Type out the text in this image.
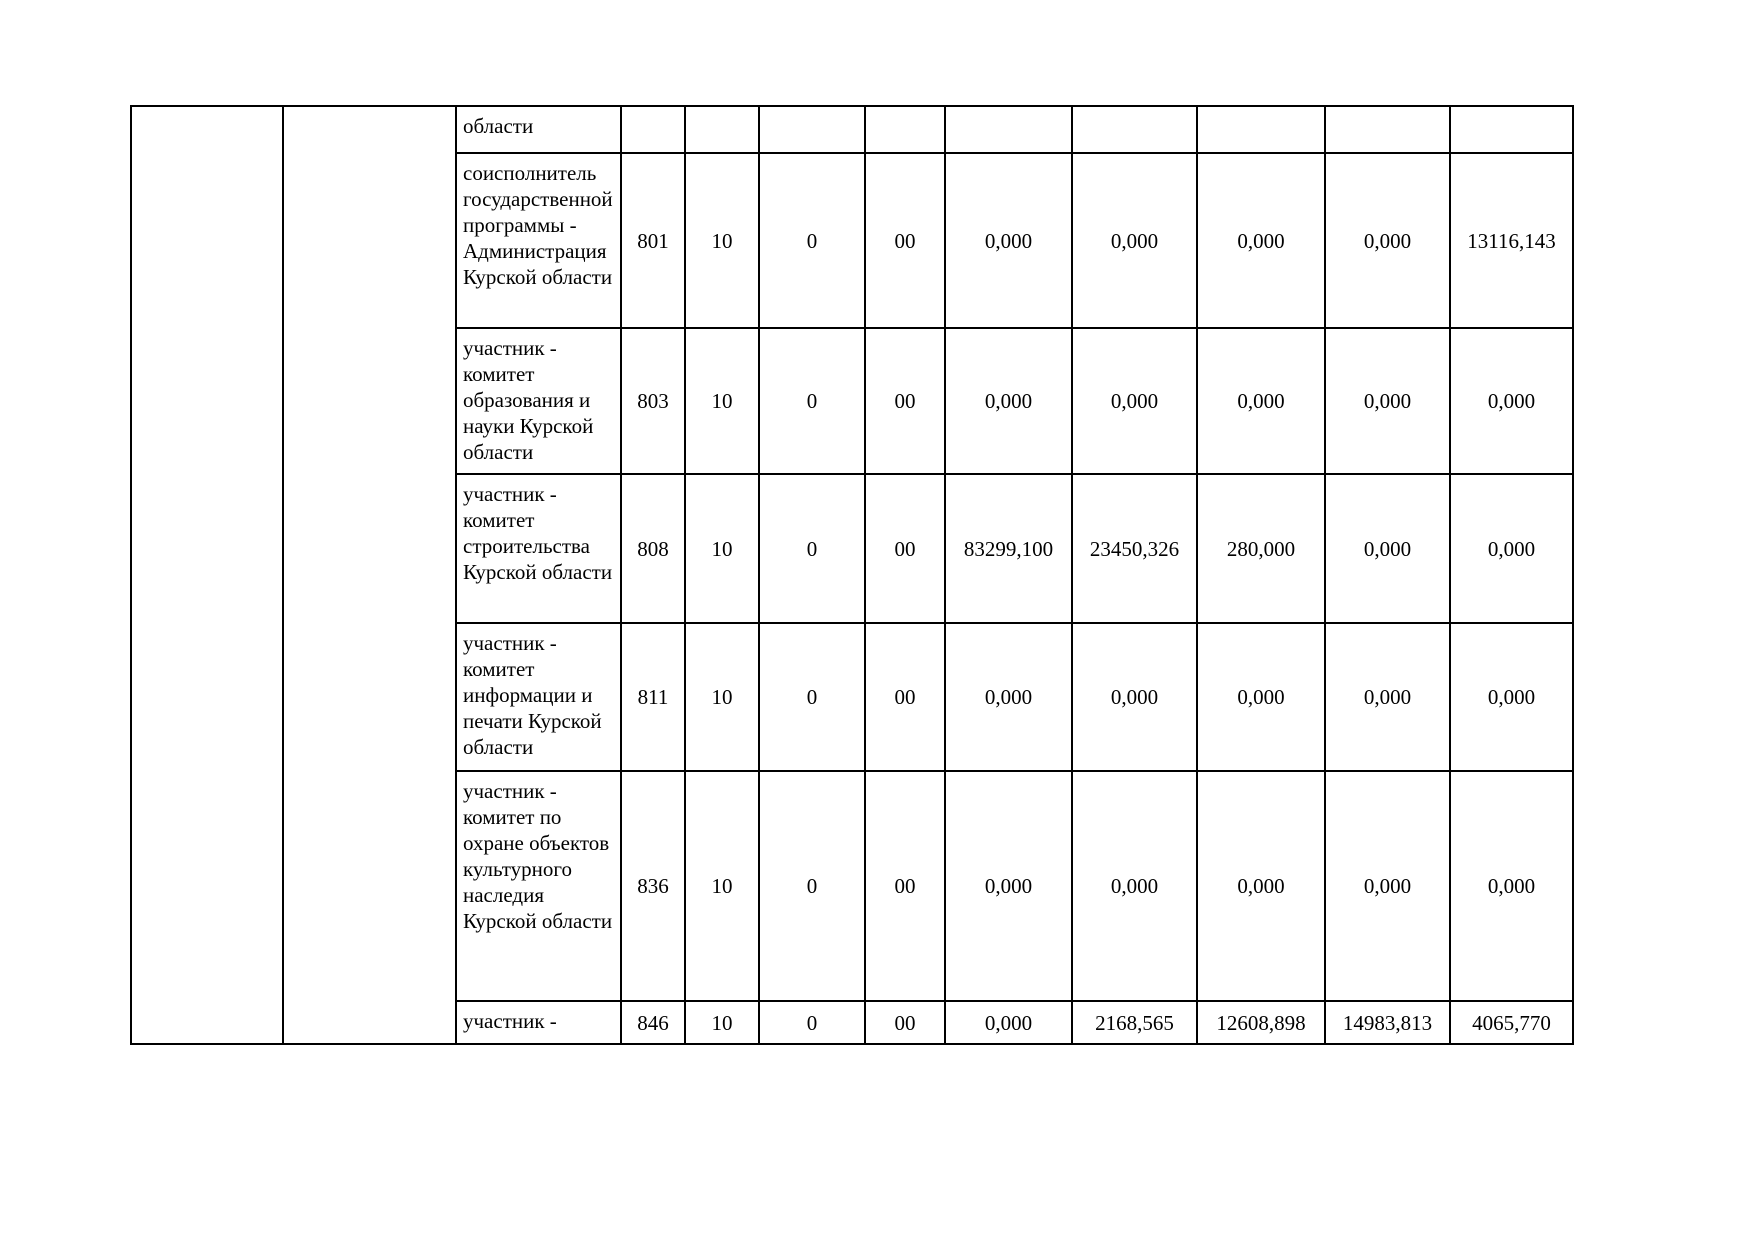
		области									
		соисполнитель государственной программы - Администрация Курской области	801	10	0	00	0,000	0,000	0,000	0,000	13116,143
		участник - комитет образования и науки Курской области	803	10	0	00	0,000	0,000	0,000	0,000	0,000
		участник - комитет строительства Курской области	808	10	0	00	83299,100	23450,326	280,000	0,000	0,000
		участник - комитет информации и печати Курской области	811	10	0	00	0,000	0,000	0,000	0,000	0,000
		участник - комитет по охране объектов культурного наследия Курской области	836	10	0	00	0,000	0,000	0,000	0,000	0,000
		участник -	846	10	0	00	0,000	2168,565	12608,898	14983,813	4065,770
